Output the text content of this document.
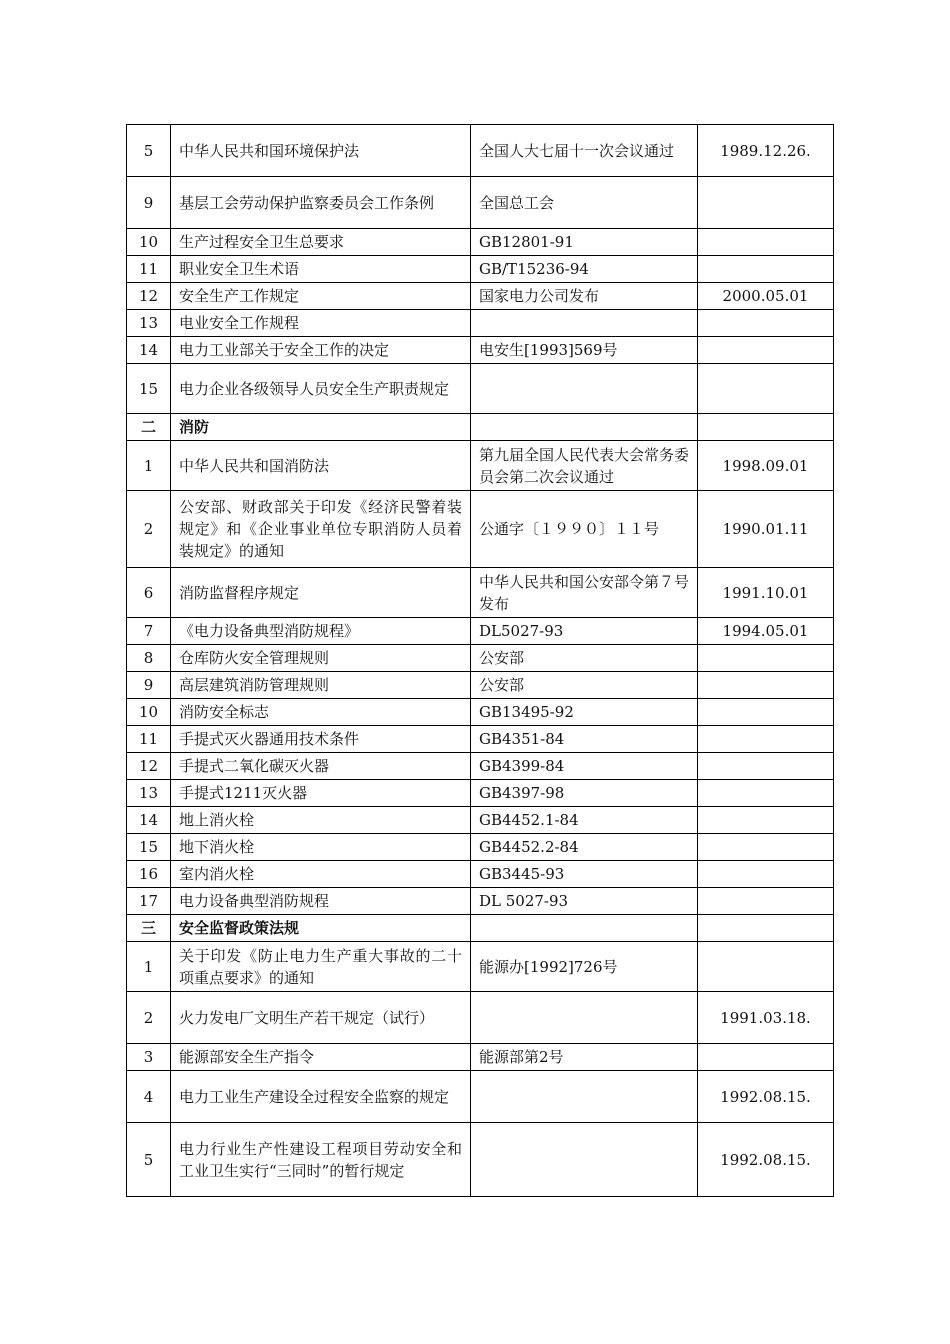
5	中华人民共和国环境保护法	全国人大七届十一次会议通过	1989.12.26.
9	基层工会劳动保护监察委员会工作条例	全国总工会	
10	生产过程安全卫生总要求	GB12801-91	
11	职业安全卫生术语	GB/T15236-94	
12	安全生产工作规定	国家电力公司发布	2000.05.01
13	电业安全工作规程		
14	电力工业部关于安全工作的决定	电安生[1993]569号	
15	电力企业各级领导人员安全生产职责规定		
二	消防		
1	中华人民共和国消防法	第九届全国人民代表大会常务委员会第二次会议通过	1998.09.01
2	公安部、财政部关于印发《经济民警着装规定》和《企业事业单位专职消防人员着装规定》的通知	公通字〔１９９０〕１１号	1990.01.11
6	消防监督程序规定	中华人民共和国公安部令第７号发布	1991.10.01
7	《电力设备典型消防规程》	DL5027-93	1994.05.01
8	仓库防火安全管理规则	公安部	
9	高层建筑消防管理规则	公安部	
10	消防安全标志	GB13495-92	
11	手提式灭火器通用技术条件	GB4351-84	
12	手提式二氧化碳灭火器	GB4399-84	
13	手提式1211灭火器	GB4397-98	
14	地上消火栓	GB4452.1-84	
15	地下消火栓	GB4452.2-84	
16	室内消火栓	GB3445-93	
17	电力设备典型消防规程	DL 5027-93	
三	安全监督政策法规		
1	关于印发《防止电力生产重大事故的二十项重点要求》的通知	能源办[1992]726号	
2	火力发电厂文明生产若干规定（试行）		1991.03.18.
3	能源部安全生产指令	能源部第2号	
4	电力工业生产建设全过程安全监察的规定		1992.08.15.
5	电力行业生产性建设工程项目劳动安全和工业卫生实行“三同时”的暂行规定		1992.08.15.
